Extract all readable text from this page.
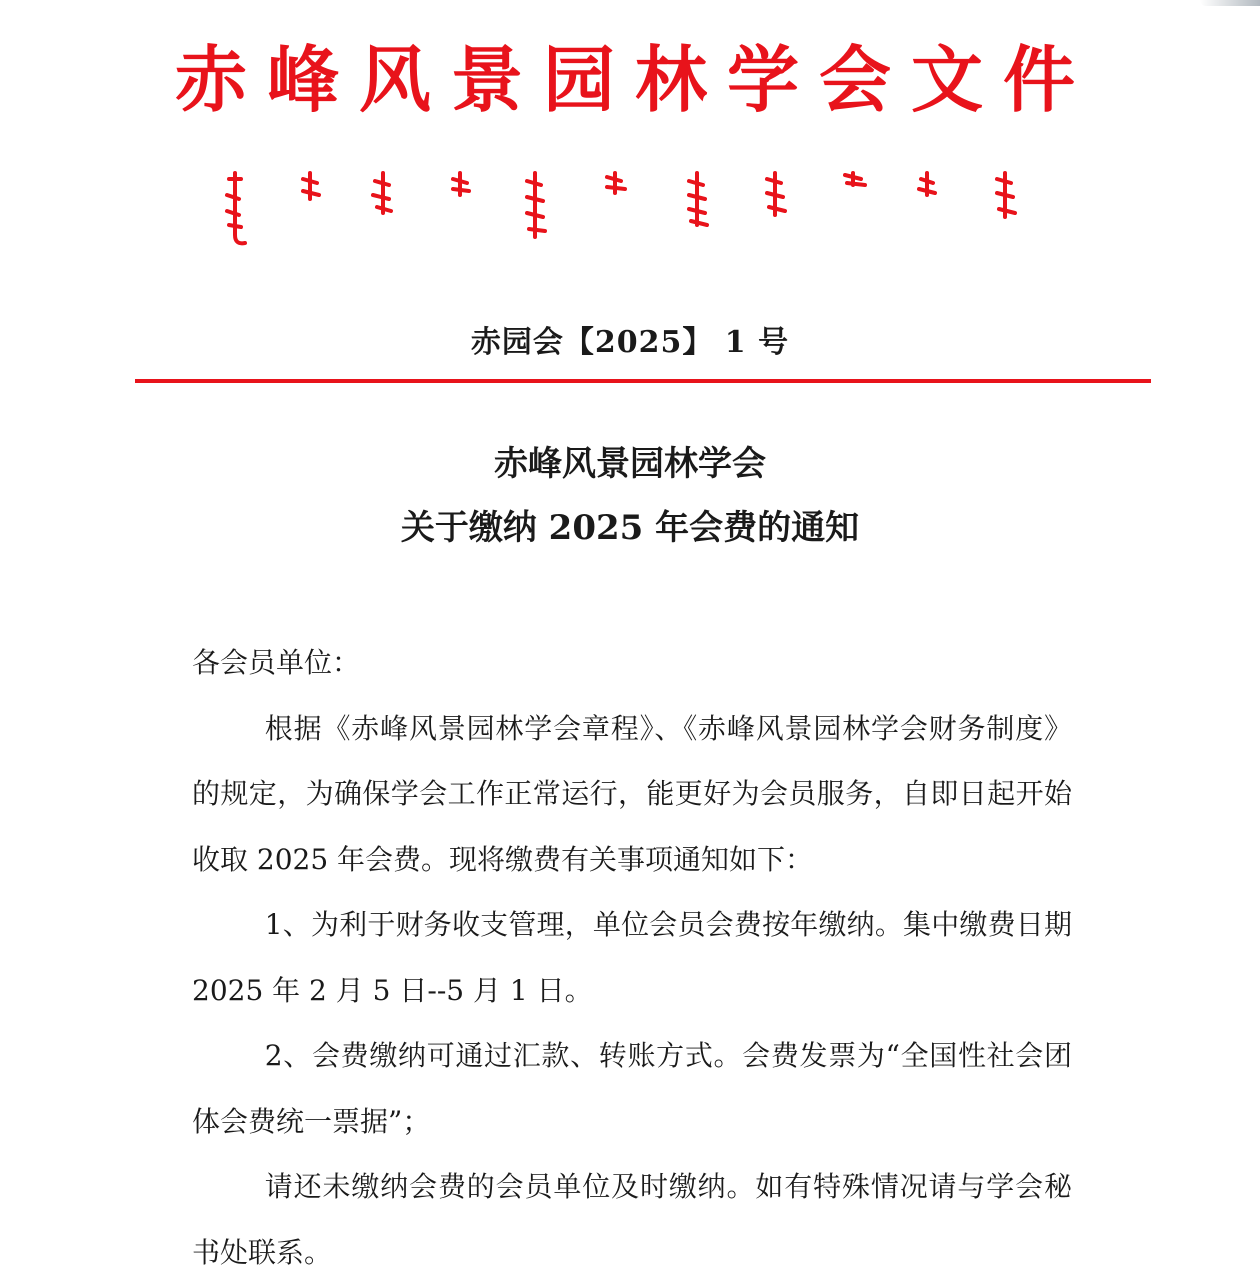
赤峰风景园林学会文件
赤园会【2025】 1 号
赤峰风景园林学会
关于缴纳 2025 年会费的通知

各会员单位：

根据《赤峰风景园林学会章程》、《赤峰风景园林学会财务制度》的规定，为确保学会工作正常运行，能更好为会员服务，自即日起开始收取 2025 年会费。现将缴费有关事项通知如下：

1、为利于财务收支管理，单位会员会费按年缴纳。集中缴费日期 2025 年 2 月 5 日--5 月 1 日。

2、会费缴纳可通过汇款、转账方式。会费发票为“全国性社会团体会费统一票据”；

请还未缴纳会费的会员单位及时缴纳。如有特殊情况请与学会秘书处联系。
